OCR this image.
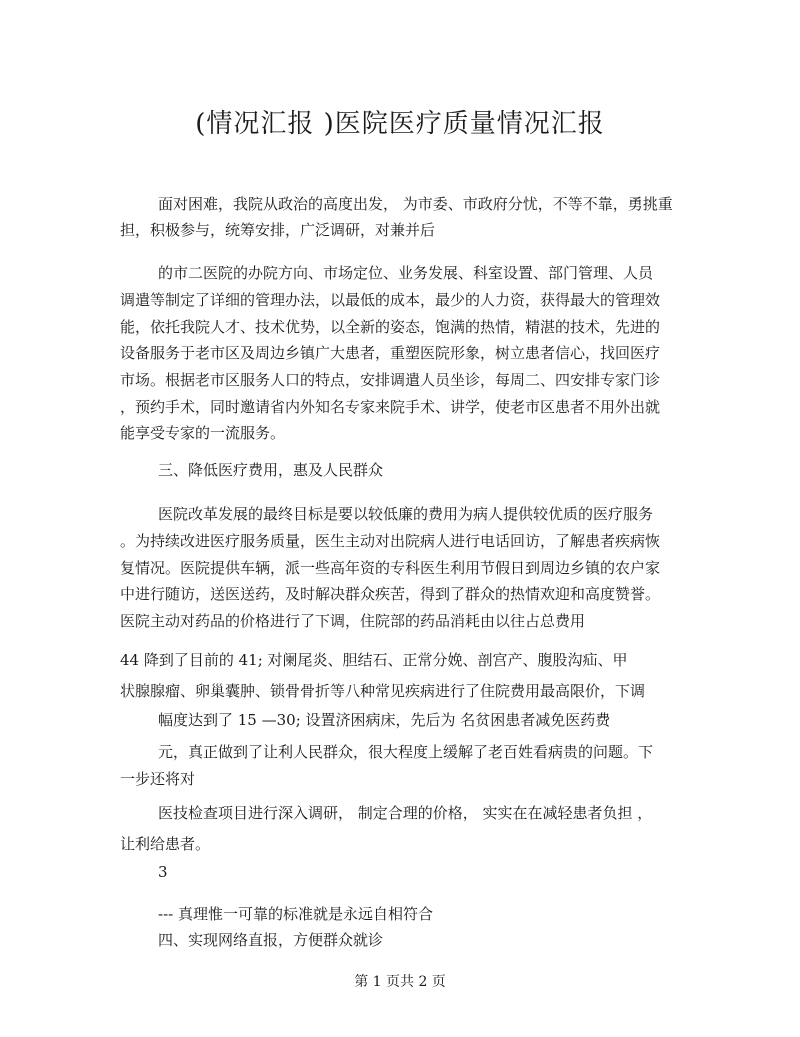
(情况汇报 )医院医疗质量情况汇报
面对困难，我院从政治的高度出发， 为市委、市政府分忧，不等不靠，勇挑重
担，积极参与，统筹安排，广泛调研，对兼并后
的市二医院的办院方向、市场定位、业务发展、科室设置、部门管理、人员
调遣等制定了详细的管理办法，以最低的成本，最少的人力资，获得最大的管理效
能，依托我院人才、技术优势，以全新的姿态，饱满的热情，精湛的技术，先进的
设备服务于老市区及周边乡镇广大患者，重塑医院形象，树立患者信心，找回医疗
市场。根据老市区服务人口的特点，安排调遣人员坐诊，每周二、四安排专家门诊
，预约手术，同时邀请省内外知名专家来院手术、讲学，使老市区患者不用外出就
能享受专家的一流服务。
三、降低医疗费用，惠及人民群众
医院改革发展的最终目标是要以较低廉的费用为病人提供较优质的医疗服务
。为持续改进医疗服务质量，医生主动对出院病人进行电话回访，了解患者疾病恢
复情况。医院提供车辆，派一些高年资的专科医生利用节假日到周边乡镇的农户家
中进行随访，送医送药，及时解决群众疾苦，得到了群众的热情欢迎和高度赞誉。
医院主动对药品的价格进行了下调，住院部的药品消耗由以往占总费用
44 降到了目前的 41; 对阑尾炎、胆结石、正常分娩、剖宫产、腹股沟疝、甲
状腺腺瘤、卵巢囊肿、锁骨骨折等八种常见疾病进行了住院费用最高限价，下调
幅度达到了 15 —30; 设置济困病床，先后为 名贫困患者减免医药费
元，真正做到了让利人民群众，很大程度上缓解了老百姓看病贵的问题。下
一步还将对
医技检查项目进行深入调研， 制定合理的价格， 实实在在减轻患者负担 ，
让利给患者。
3
--- 真理惟一可靠的标准就是永远自相符合
四、实现网络直报，方便群众就诊
第 1 页共 2 页
